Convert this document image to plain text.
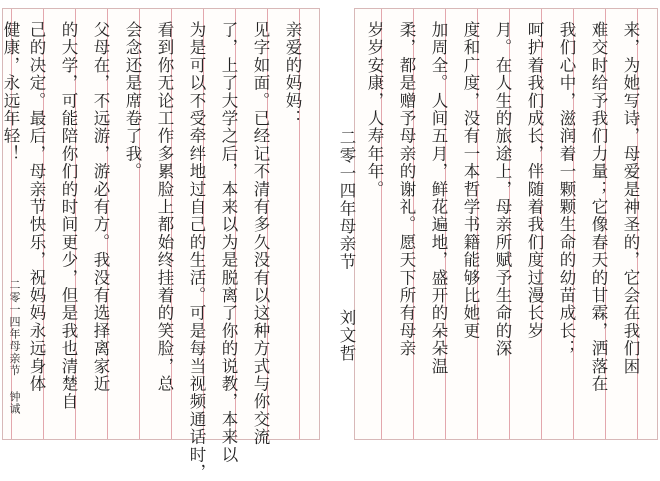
亲爱的妈妈：
见字如面。已经记不清有多久没有以这种方式与你交流
了，上了大学之后，本来以为是脱离了你的说教，本来以
为是可以不受牵绊地过自己的生活。可是每当视频通话时，
看到你无论工作多累脸上都始终挂着的笑脸，总
会念还是席卷了我。
父母在，不远游，游必有方。我没有选择离家近
的大学，可能陪你们的时间更少，但是我也清楚自
己的决定。最后，母亲节快乐，祝妈妈永远身体
健康，永远年轻！
二零一四年母亲节 钟诚	来，为她写诗，母爱是神圣的，它会在我们困
难交时给予我们力量；它像春天的甘霖，洒落在
我们心中，滋润着一颗颗生命的幼苗成长；
呵护着我们成长，伴随着我们度过漫长岁
月。在人生的旅途上，母亲所赋予生命的深
度和广度，没有一本哲学书籍能够比她更
加周全。人间五月，鲜花遍地，盛开的朵朵温
柔，都是赠予母亲的谢礼。愿天下所有母亲
岁岁安康，人寿年年。
二零一四年母亲节
刘文哲
